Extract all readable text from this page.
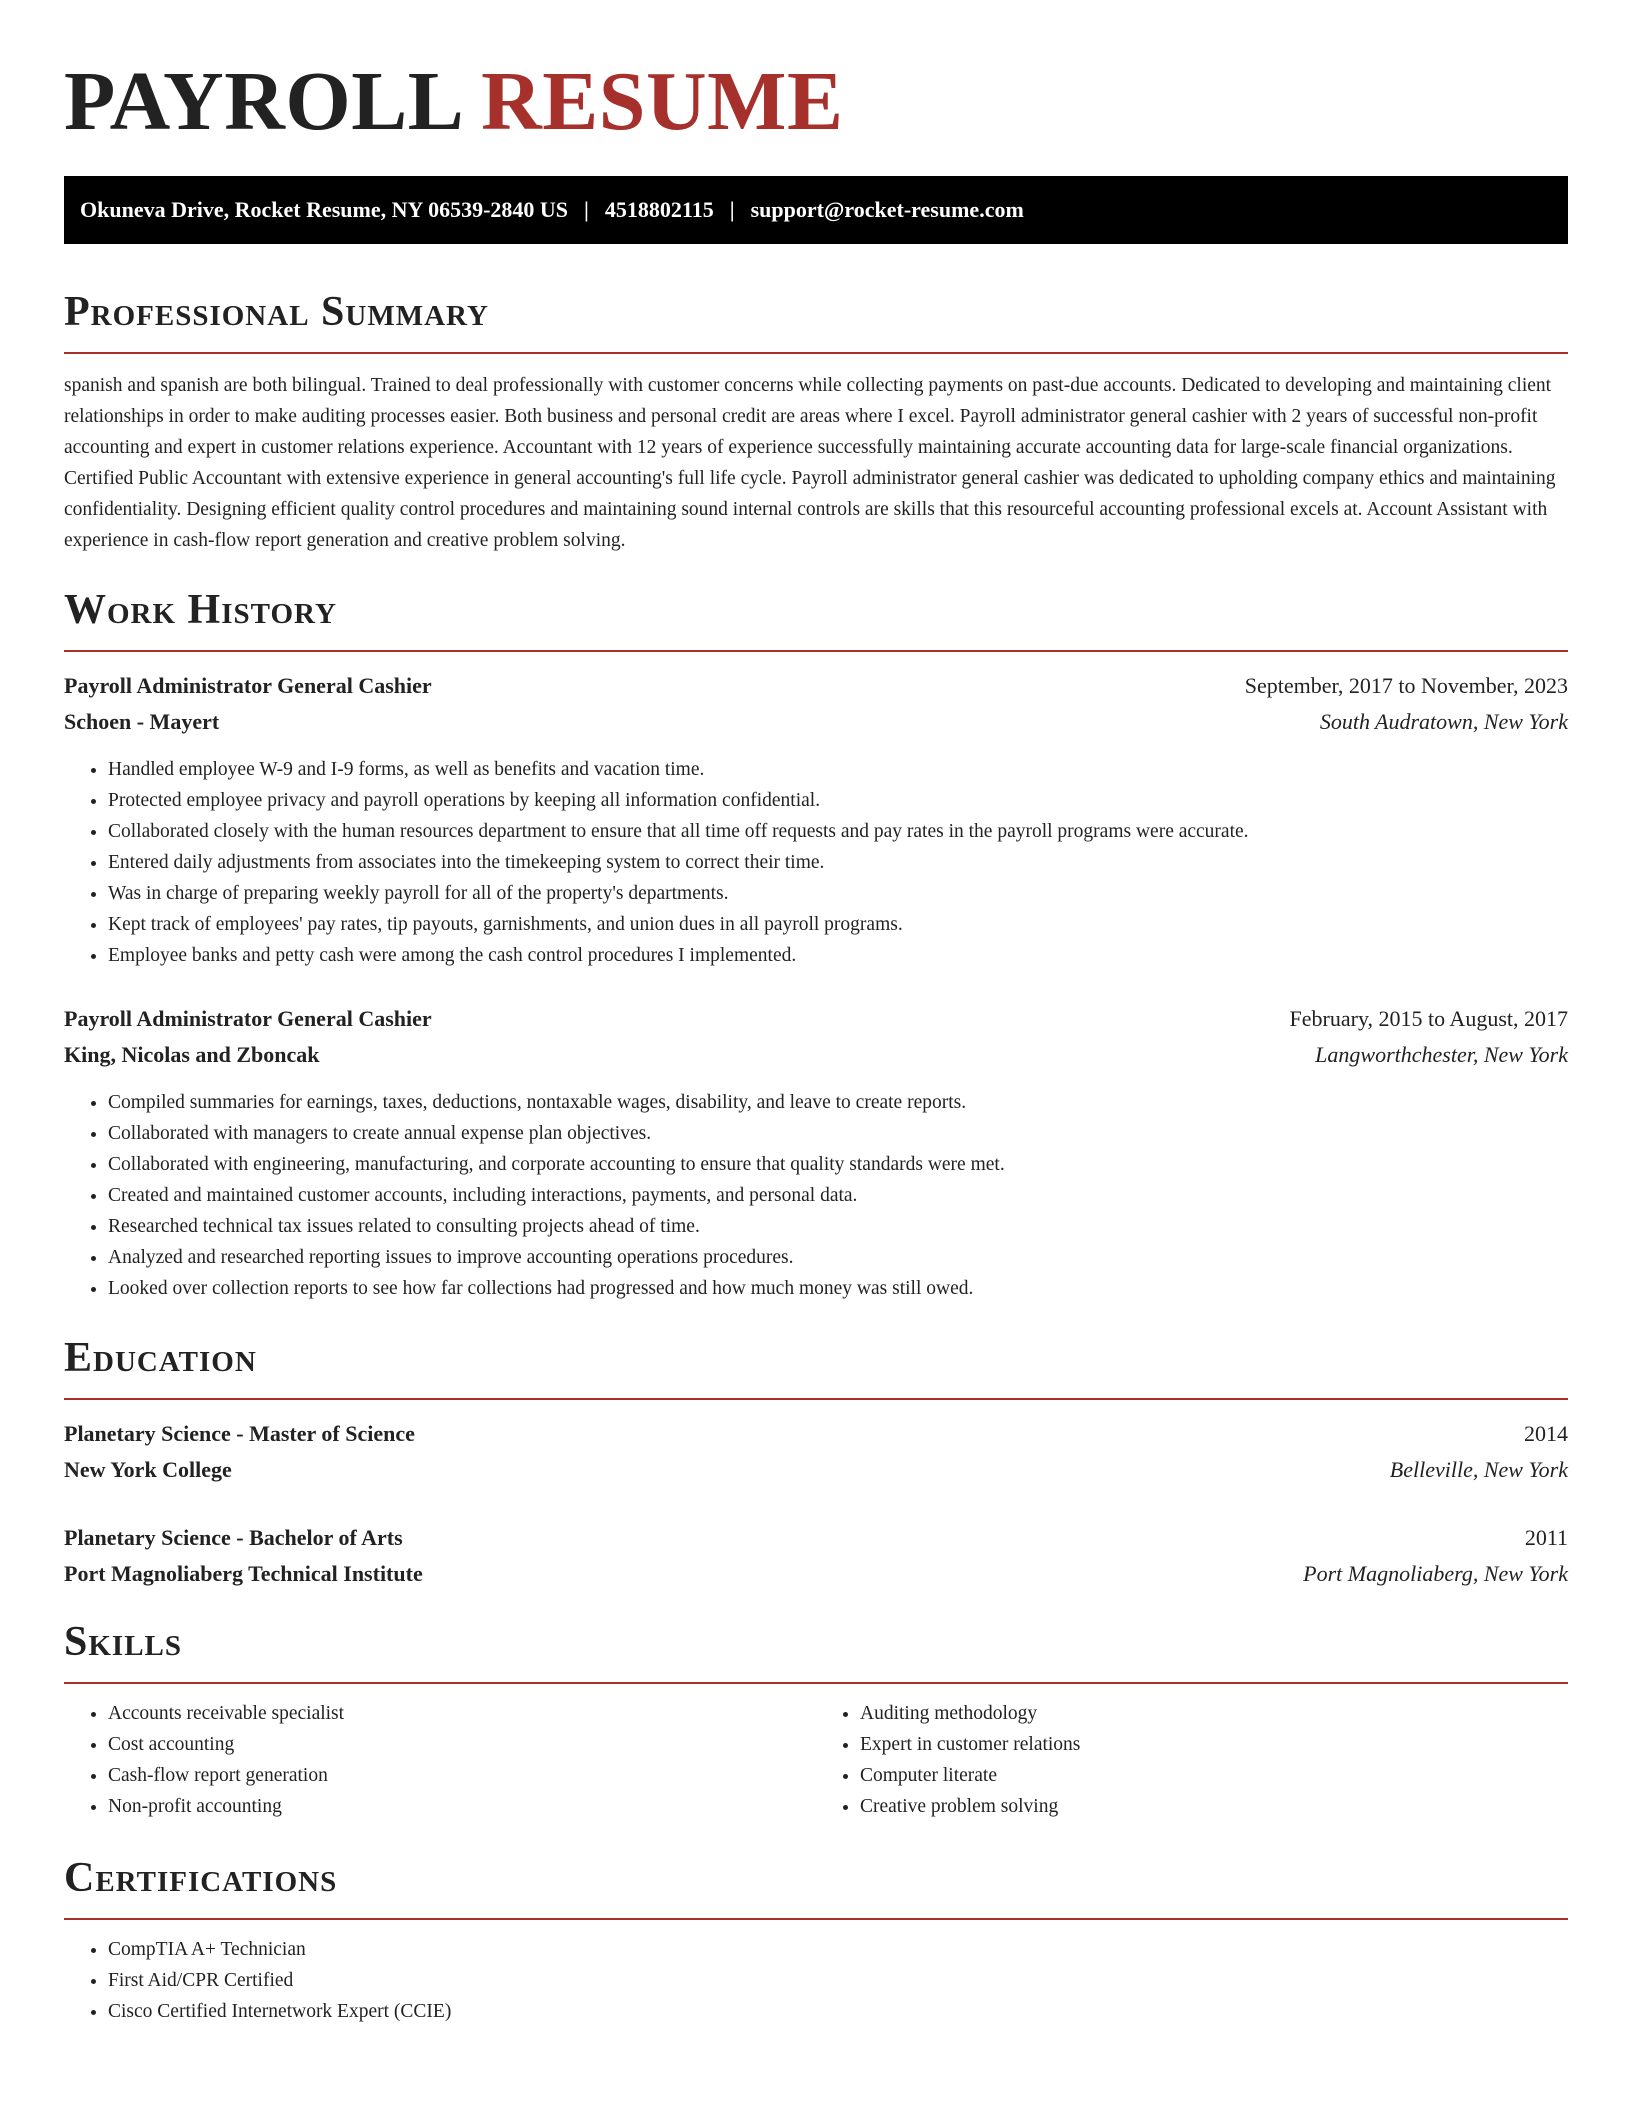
PAYROLL RESUME
Okuneva Drive, Rocket Resume, NY 06539-2840 US | 4518802115 | support@rocket-resume.com
Professional Summary

spanish and spanish are both bilingual. Trained to deal professionally with customer concerns while collecting payments on past-due accounts. Dedicated to developing and maintaining client relationships in order to make auditing processes easier. Both business and personal credit are areas where I excel. Payroll administrator general cashier with 2 years of successful non-profit accounting and expert in customer relations experience. Accountant with 12 years of experience successfully maintaining accurate accounting data for large-scale financial organizations. Certified Public Accountant with extensive experience in general accounting's full life cycle. Payroll administrator general cashier was dedicated to upholding company ethics and maintaining confidentiality. Designing efficient quality control procedures and maintaining sound internal controls are skills that this resourceful accounting professional excels at. Account Assistant with experience in cash-flow report generation and creative problem solving.

Work History
Payroll Administrator General Cashier	September, 2017 to November, 2023
Schoen - Mayert	South Audratown, New York
• Handled employee W-9 and I-9 forms, as well as benefits and vacation time.
• Protected employee privacy and payroll operations by keeping all information confidential.
• Collaborated closely with the human resources department to ensure that all time off requests and pay rates in the payroll programs were accurate.
• Entered daily adjustments from associates into the timekeeping system to correct their time.
• Was in charge of preparing weekly payroll for all of the property's departments.
• Kept track of employees' pay rates, tip payouts, garnishments, and union dues in all payroll programs.
• Employee banks and petty cash were among the cash control procedures I implemented.
Payroll Administrator General Cashier	February, 2015 to August, 2017
King, Nicolas and Zboncak	Langworthchester, New York
• Compiled summaries for earnings, taxes, deductions, nontaxable wages, disability, and leave to create reports.
• Collaborated with managers to create annual expense plan objectives.
• Collaborated with engineering, manufacturing, and corporate accounting to ensure that quality standards were met.
• Created and maintained customer accounts, including interactions, payments, and personal data.
• Researched technical tax issues related to consulting projects ahead of time.
• Analyzed and researched reporting issues to improve accounting operations procedures.
• Looked over collection reports to see how far collections had progressed and how much money was still owed.
Education
Planetary Science - Master of Science	2014
New York College	Belleville, New York
Planetary Science - Bachelor of Arts	2011
Port Magnoliaberg Technical Institute	Port Magnoliaberg, New York
Skills
• Accounts receivable specialist
• Cost accounting
• Cash-flow report generation
• Non-profit accounting
• Auditing methodology
• Expert in customer relations
• Computer literate
• Creative problem solving
Certifications
• CompTIA A+ Technician
• First Aid/CPR Certified
• Cisco Certified Internetwork Expert (CCIE)
